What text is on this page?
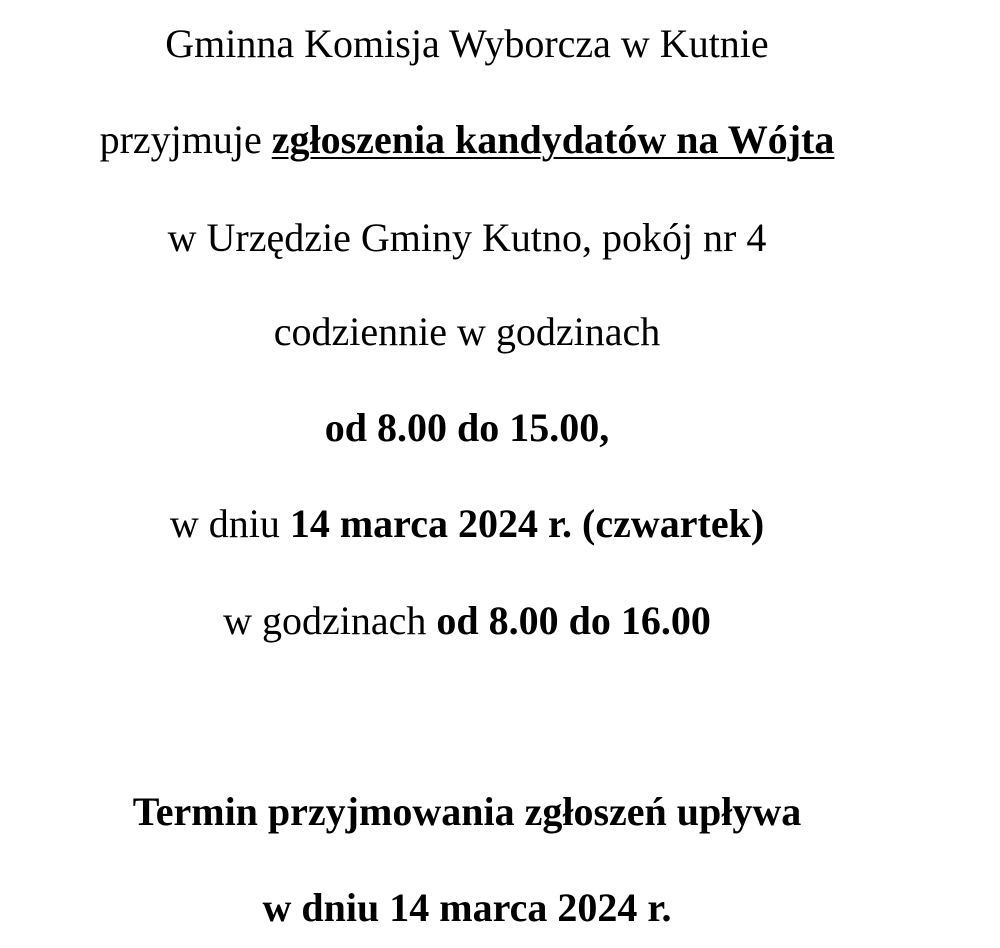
Gminna Komisja Wyborcza w Kutnie
przyjmuje zgłoszenia kandydatów na Wójta
w Urzędzie Gminy Kutno, pokój nr 4
codziennie w godzinach
od 8.00 do 15.00,
w dniu 14 marca 2024 r. (czwartek)
w godzinach od 8.00 do 16.00
Termin przyjmowania zgłoszeń upływa
w dniu 14 marca 2024 r.
